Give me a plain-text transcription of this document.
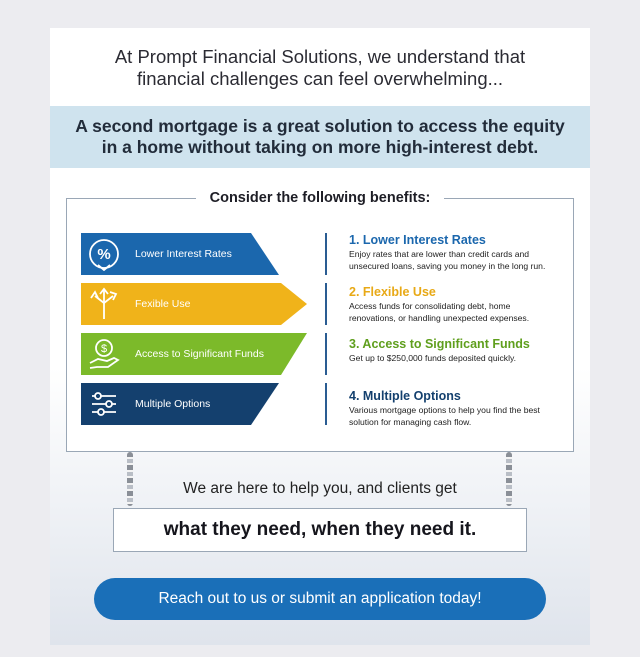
At Prompt Financial Solutions, we understand that
financial challenges can feel overwhelming...
A second mortgage is a great solution to access the equity
in a home without taking on more high-interest debt.
Consider the following benefits:
% Lower Interest Rates
Fexible Use
$	Access to Significant Funds
Multiple Options
1. Lower Interest Rates
Enjoy rates that are lower than credit cards and unsecured loans, saving you money in the long run.
2. Flexible Use
Access funds for consolidating debt, home renovations, or handling unexpected expenses.
3. Access to Significant Funds
Get up to $250,000 funds deposited quickly.
4. Multiple Options
Various mortgage options to help you find the best solution for managing cash flow.
We are here to help you, and clients get
what they need, when they need it.
Reach out to us or submit an application today!
